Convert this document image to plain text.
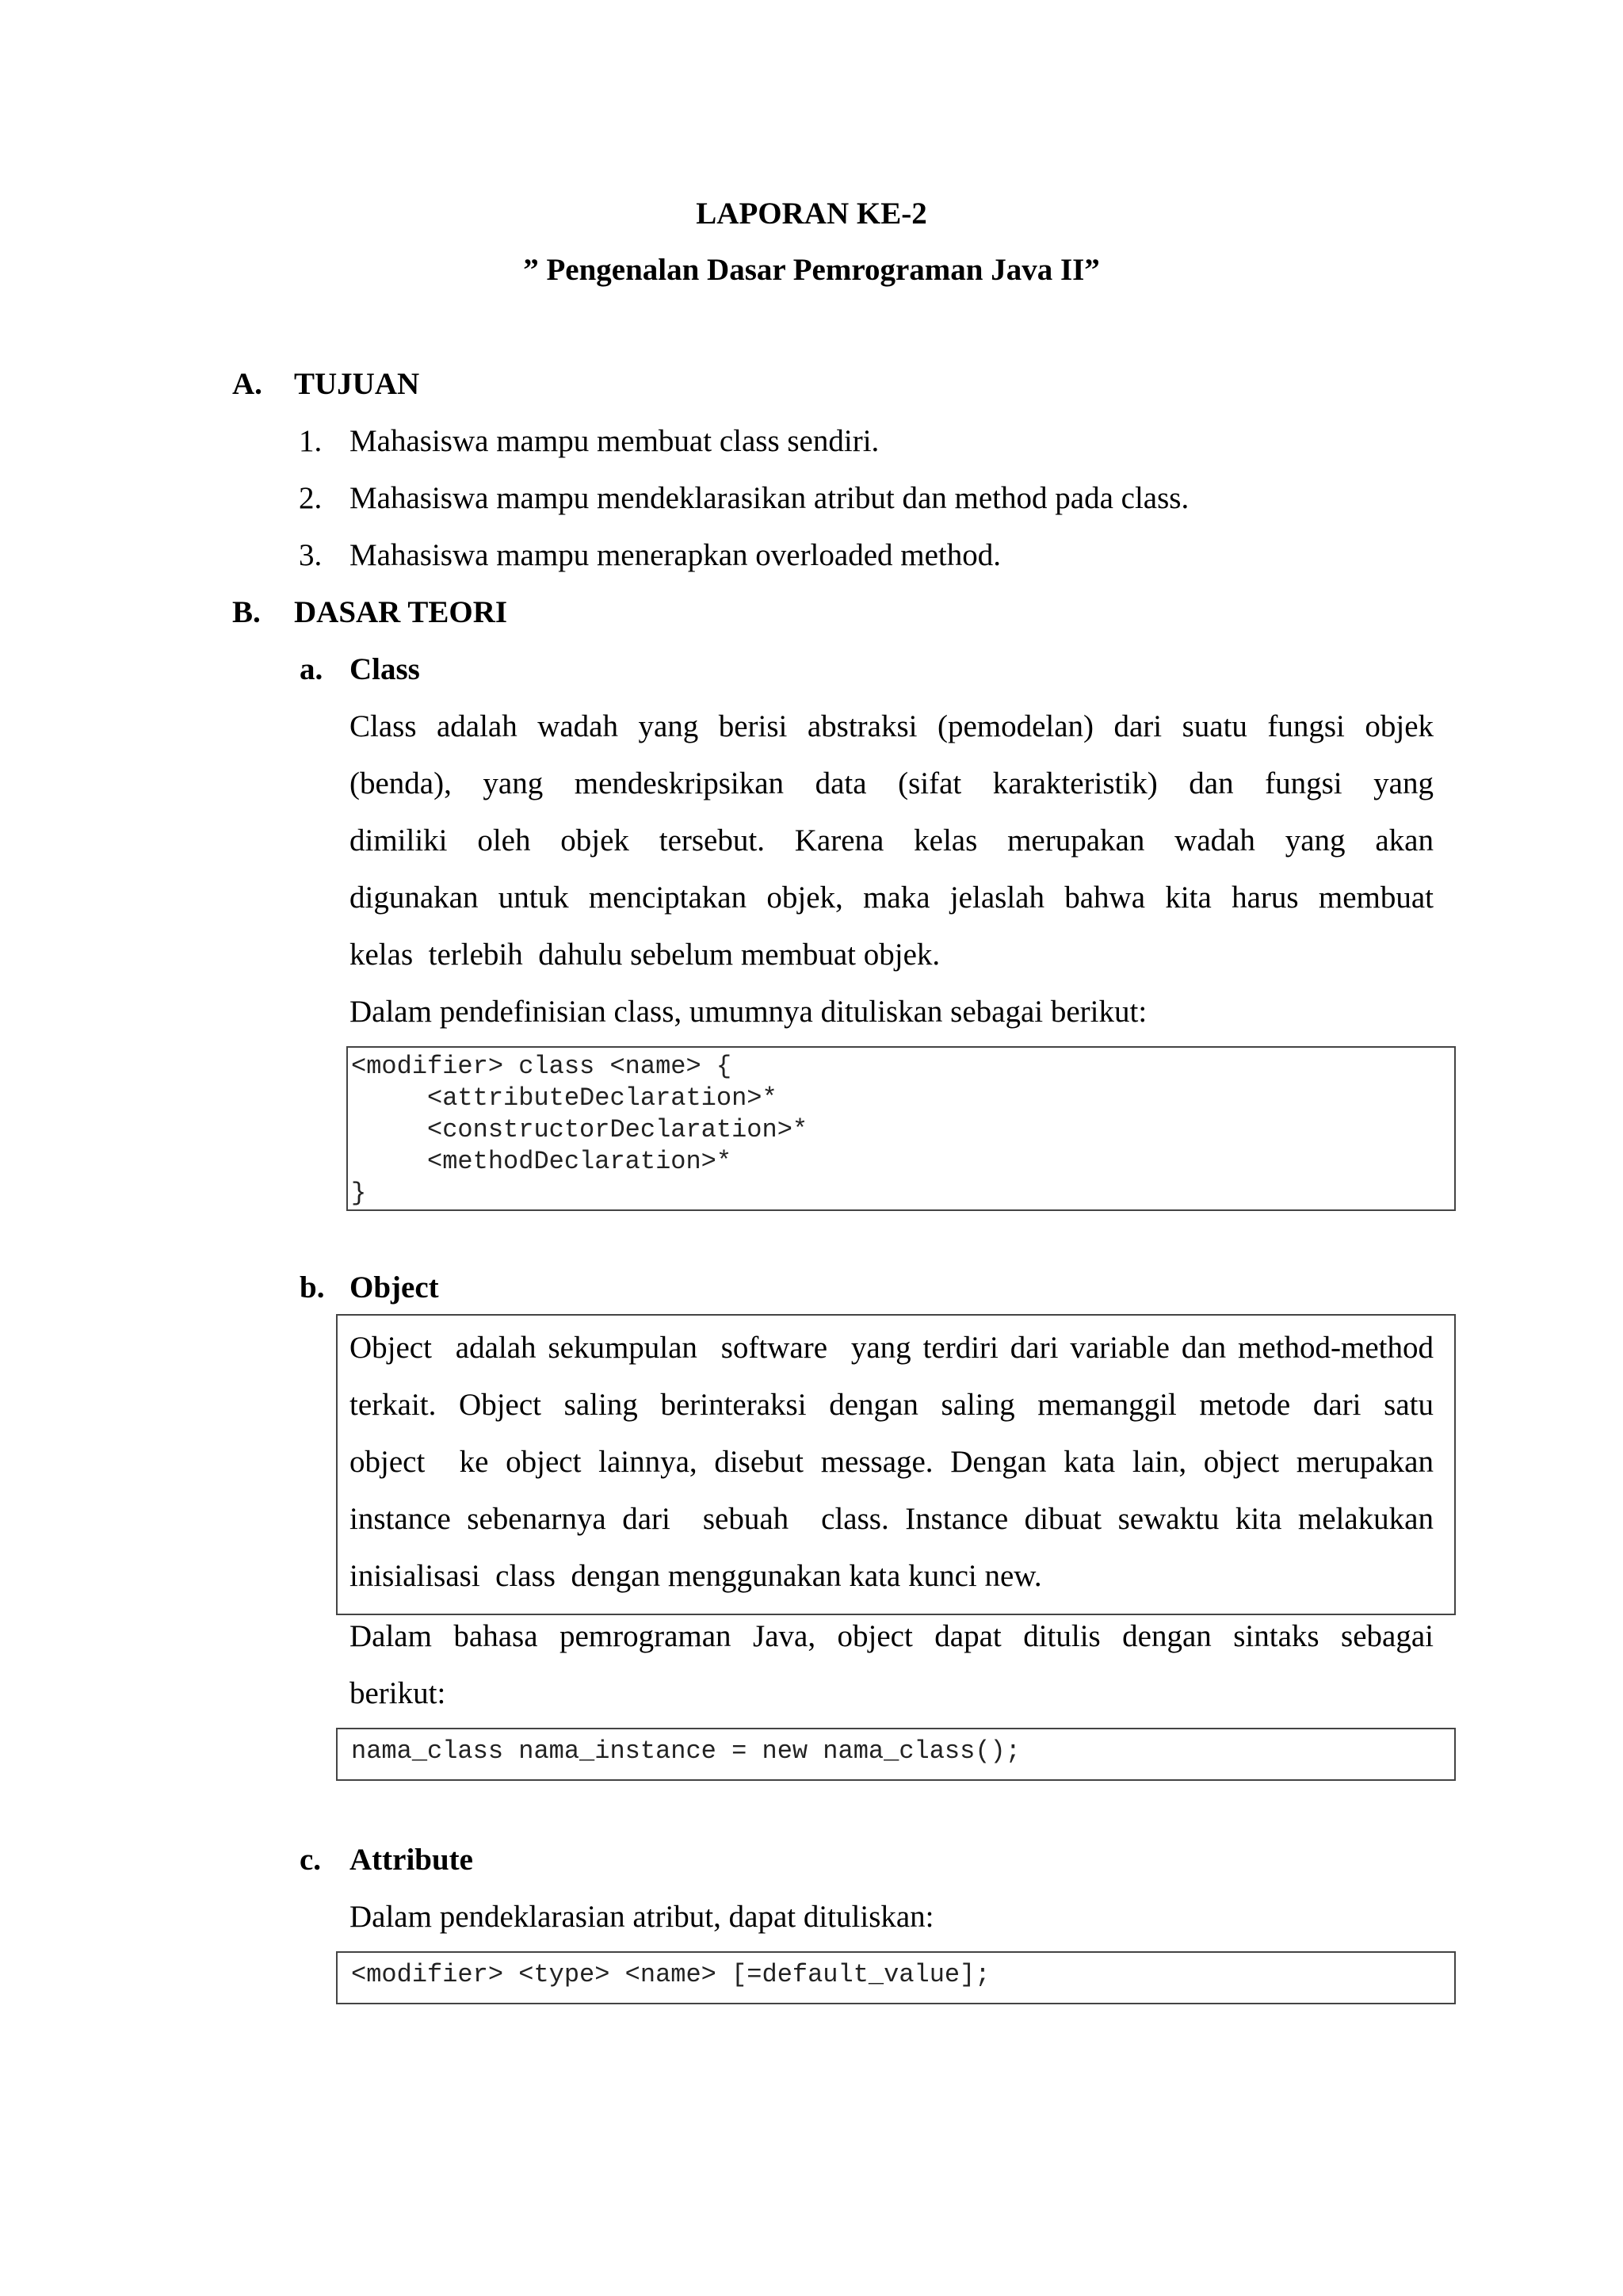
LAPORAN KE-2
” Pengenalan Dasar Pemrograman Java II”
A. TUJUAN
1. Mahasiswa mampu membuat class sendiri.
2. Mahasiswa mampu mendeklarasikan atribut dan method pada class.
3. Mahasiswa mampu menerapkan overloaded method.
B. DASAR TEORI
a. Class
Class adalah wadah yang berisi abstraksi (pemodelan) dari suatu fungsi objek
(benda), yang mendeskripsikan data (sifat karakteristik) dan fungsi yang
dimiliki oleh objek tersebut. Karena kelas merupakan wadah yang akan
digunakan untuk menciptakan objek, maka jelaslah bahwa kita harus membuat
kelas  terlebih  dahulu sebelum membuat objek.
Dalam pendefinisian class, umumnya dituliskan sebagai berikut:
<modifier> class <name> {
<attributeDeclaration>*
<constructorDeclaration>*
<methodDeclaration>*
}
b. Object
Object  adalah sekumpulan  software  yang terdiri dari variable dan method-method
terkait. Object saling berinteraksi dengan saling memanggil metode dari satu
object  ke object lainnya, disebut message. Dengan kata lain, object merupakan
instance sebenarnya dari  sebuah  class. Instance dibuat sewaktu kita melakukan
inisialisasi  class  dengan menggunakan kata kunci new.
Dalam bahasa pemrograman Java, object dapat ditulis dengan sintaks sebagai
berikut:
nama_class nama_instance = new nama_class();
c. Attribute
Dalam pendeklarasian atribut, dapat dituliskan:
<modifier> <type> <name> [=default_value];
